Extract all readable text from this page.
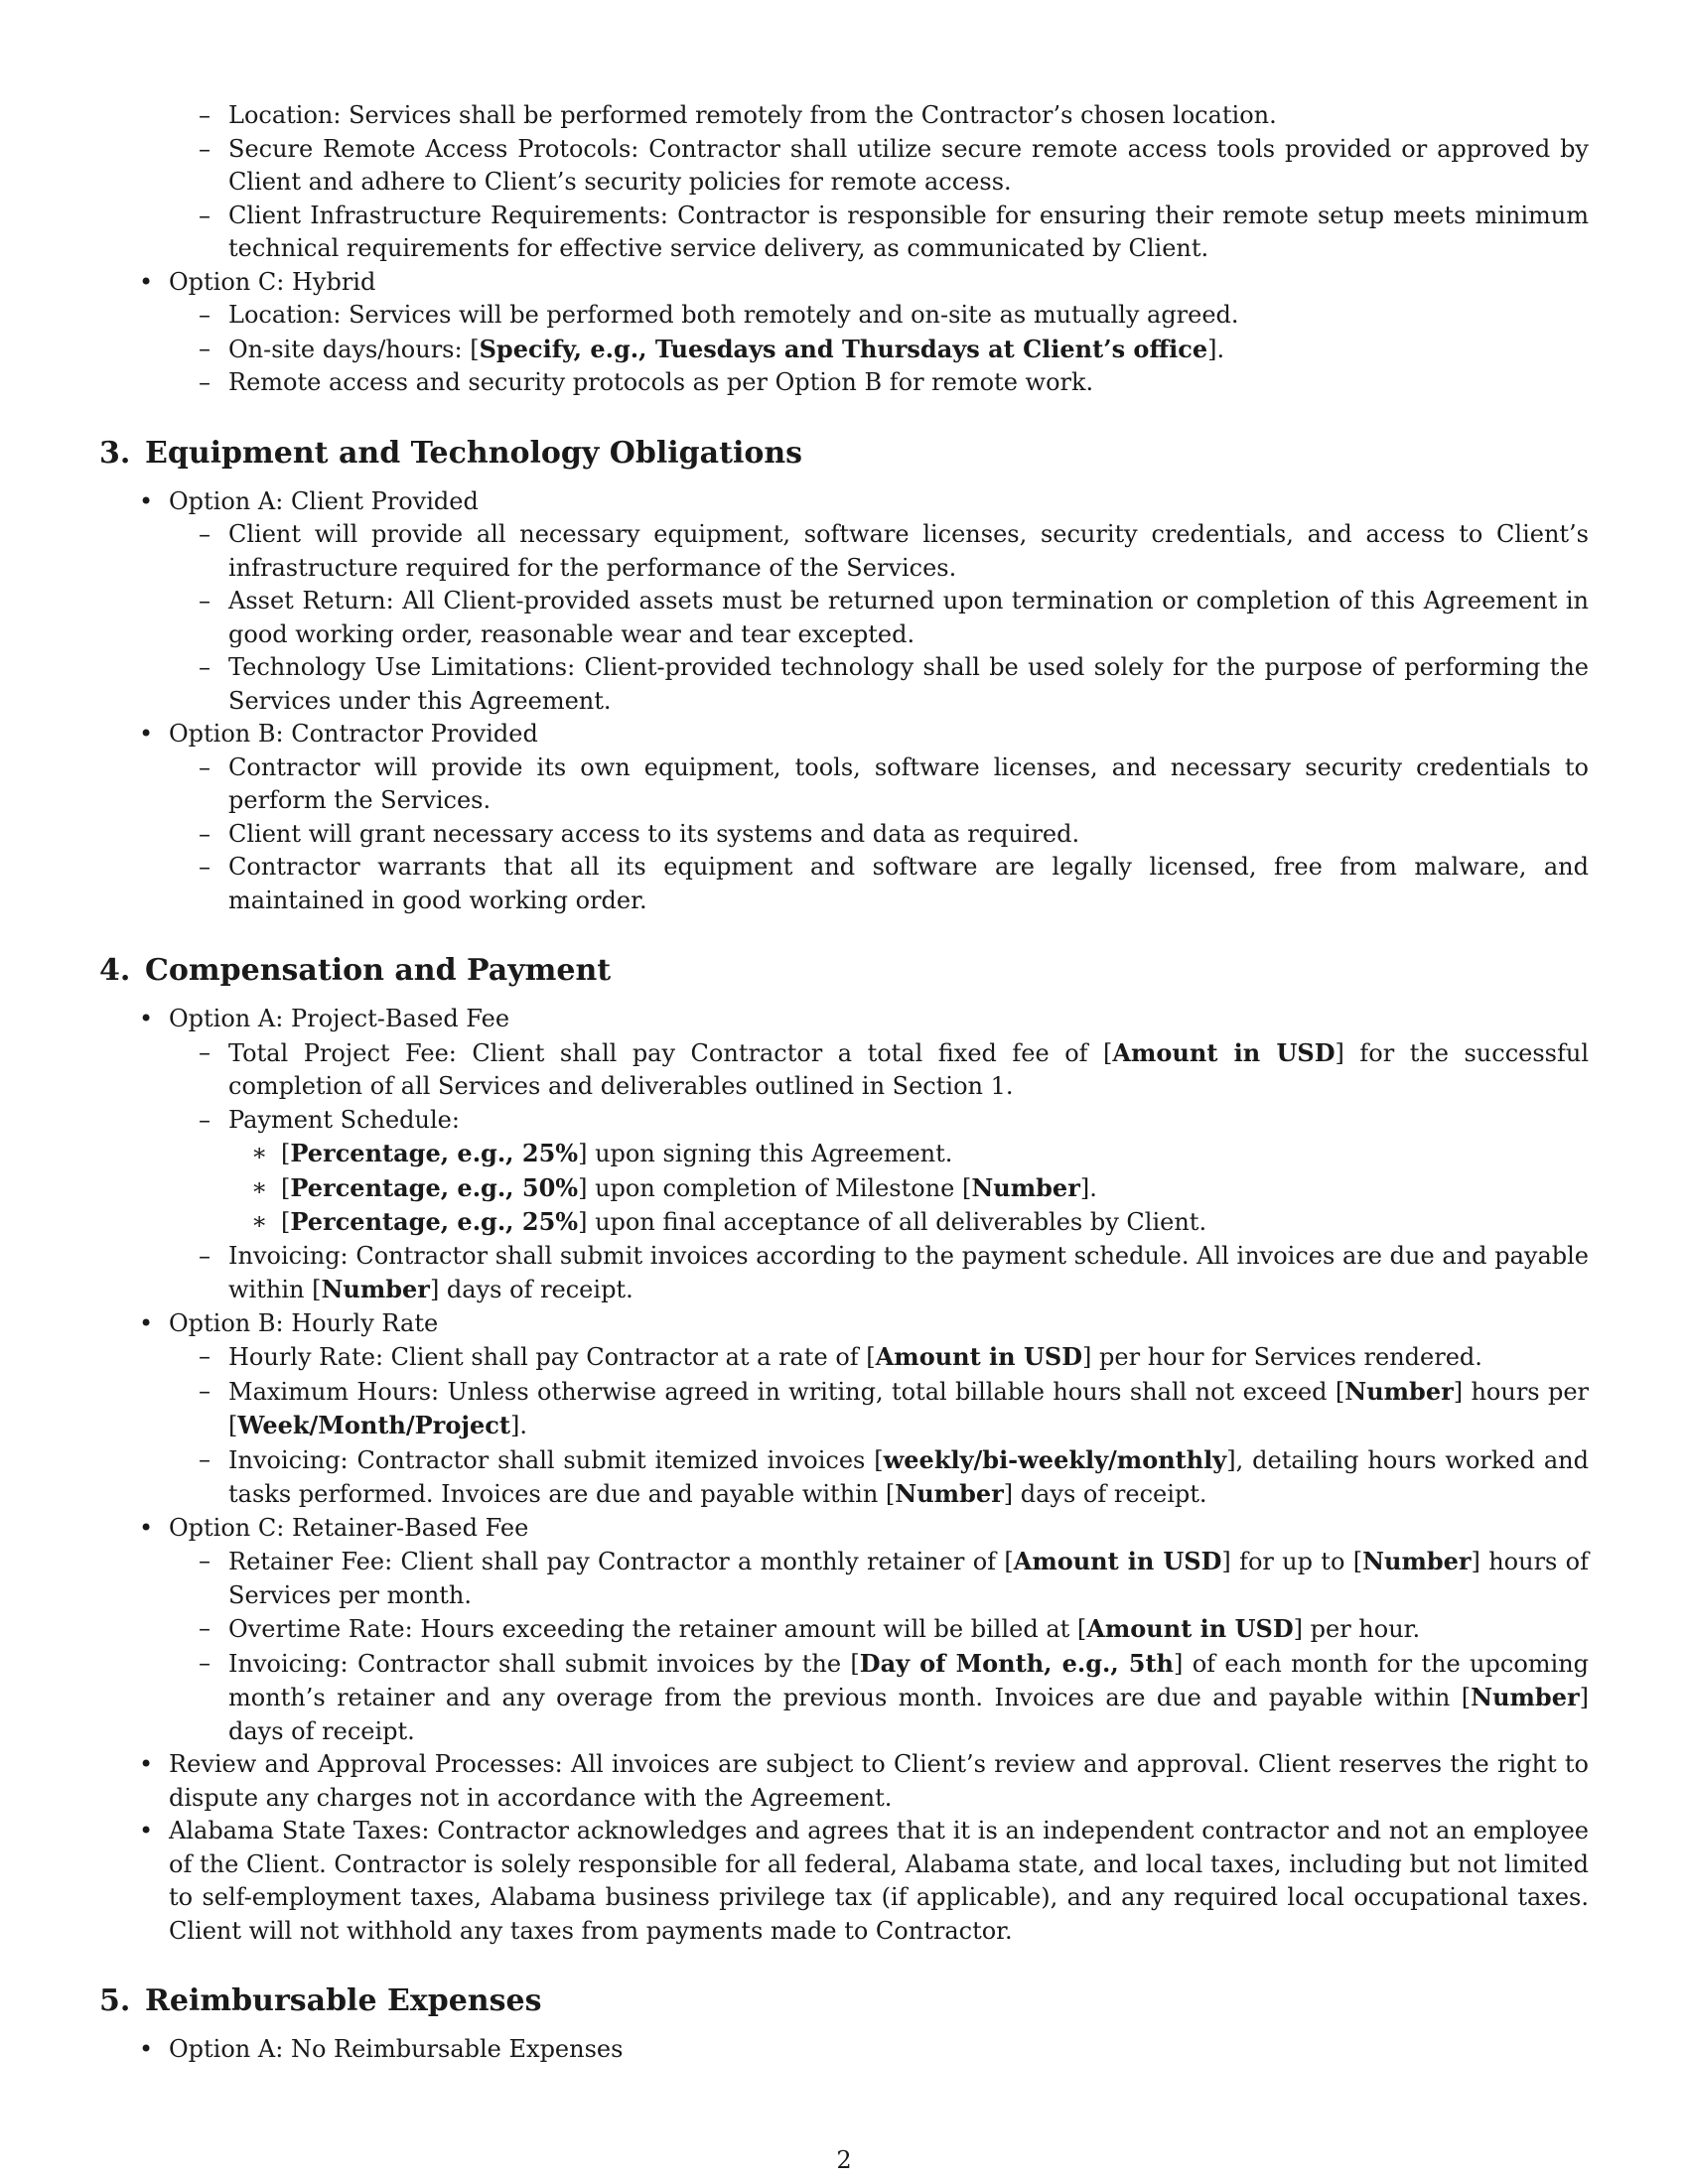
– Location: Services shall be performed remotely from the Contractor’s chosen location.
– Secure Remote Access Protocols: Contractor shall utilize secure remote access tools provided or approved by Client and adhere to Client’s security policies for remote access.
– Client Infrastructure Requirements: Contractor is responsible for ensuring their remote setup meets minimum technical requirements for effective service delivery, as communicated by Client.
• Option C: Hybrid
– Location: Services will be performed both remotely and on-site as mutually agreed.
– On-site days/hours: [Specify, e.g., Tuesdays and Thursdays at Client’s office].
– Remote access and security protocols as per Option B for remote work.
3. Equipment and Technology Obligations
• Option A: Client Provided
– Client will provide all necessary equipment, software licenses, security credentials, and access to Client’s infrastructure required for the performance of the Services.
– Asset Return: All Client-provided assets must be returned upon termination or completion of this Agreement in good working order, reasonable wear and tear excepted.
– Technology Use Limitations: Client-provided technology shall be used solely for the purpose of performing the Services under this Agreement.
• Option B: Contractor Provided
– Contractor will provide its own equipment, tools, software licenses, and necessary security credentials to perform the Services.
– Client will grant necessary access to its systems and data as required.
– Contractor warrants that all its equipment and software are legally licensed, free from malware, and maintained in good working order.
4. Compensation and Payment
• Option A: Project-Based Fee
– Total Project Fee: Client shall pay Contractor a total fixed fee of [Amount in USD] for the successful completion of all Services and deliverables outlined in Section 1.
– Payment Schedule:
∗ [Percentage, e.g., 25%] upon signing this Agreement.
∗ [Percentage, e.g., 50%] upon completion of Milestone [Number].
∗ [Percentage, e.g., 25%] upon final acceptance of all deliverables by Client.
– Invoicing: Contractor shall submit invoices according to the payment schedule. All invoices are due and payable within [Number] days of receipt.
• Option B: Hourly Rate
– Hourly Rate: Client shall pay Contractor at a rate of [Amount in USD] per hour for Services rendered.
– Maximum Hours: Unless otherwise agreed in writing, total billable hours shall not exceed [Number] hours per [Week/Month/Project].
– Invoicing: Contractor shall submit itemized invoices [weekly/bi-weekly/monthly], detailing hours worked and tasks performed. Invoices are due and payable within [Number] days of receipt.
• Option C: Retainer-Based Fee
– Retainer Fee: Client shall pay Contractor a monthly retainer of [Amount in USD] for up to [Number] hours of Services per month.
– Overtime Rate: Hours exceeding the retainer amount will be billed at [Amount in USD] per hour.
– Invoicing: Contractor shall submit invoices by the [Day of Month, e.g., 5th] of each month for the upcoming month’s retainer and any overage from the previous month. Invoices are due and payable within [Number] days of receipt.
• Review and Approval Processes: All invoices are subject to Client’s review and approval. Client reserves the right to dispute any charges not in accordance with the Agreement.
• Alabama State Taxes: Contractor acknowledges and agrees that it is an independent contractor and not an employee of the Client. Contractor is solely responsible for all federal, Alabama state, and local taxes, including but not limited to self-employment taxes, Alabama business privilege tax (if applicable), and any required local occupational taxes. Client will not withhold any taxes from payments made to Contractor.
5. Reimbursable Expenses
• Option A: No Reimbursable Expenses
2
